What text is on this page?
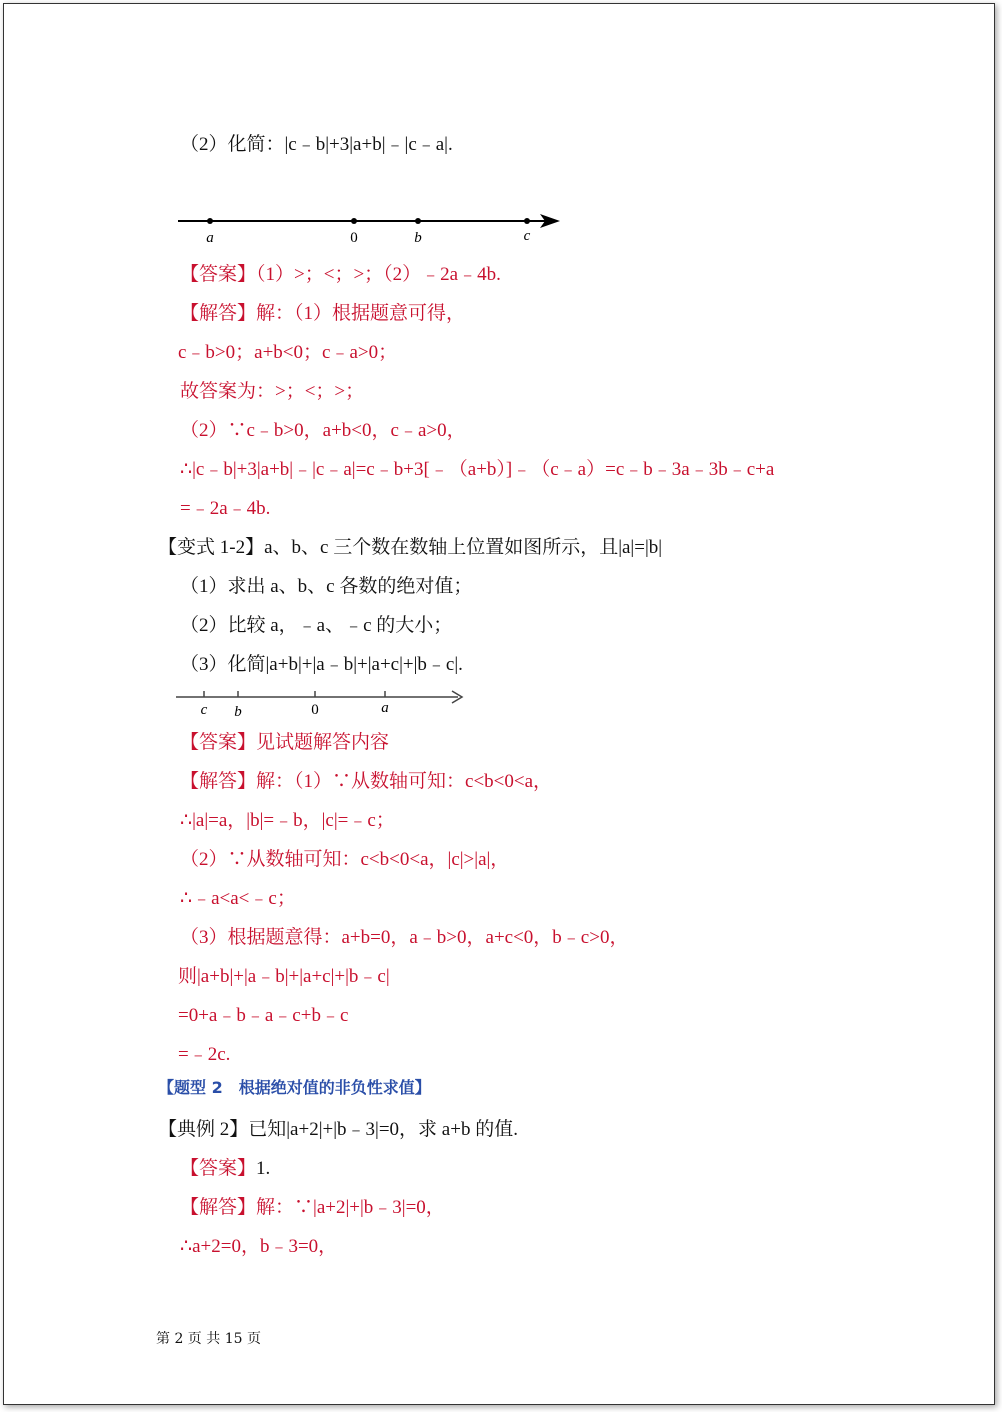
（2）化简：|c﹣b|+3|a+b|﹣|c﹣a|.
a	0	b	c
【答案】（1）>；<；>；（2）﹣2a﹣4b.
【解答】解：（1）根据题意可得，
c﹣b>0；a+b<0；c﹣a>0；
故答案为：>；<；>；
（2）∵c﹣b>0，a+b<0，c﹣a>0，
∴|c﹣b|+3|a+b|﹣|c﹣a|=c﹣b+3[﹣（a+b）]﹣（c﹣a）=c﹣b﹣3a﹣3b﹣c+a
=﹣2a﹣4b.
【变式 1-2】a、b、c 三个数在数轴上位置如图所示，且|a|=|b|
（1）求出 a、b、c 各数的绝对值；
（2）比较 a，﹣a、﹣c 的大小；
（3）化简|a+b|+|a﹣b|+|a+c|+|b﹣c|.
c b	0	a
【答案】见试题解答内容
【解答】解：（1）∵从数轴可知：c<b<0<a，
∴|a|=a，|b|=﹣b，|c|=﹣c；
（2）∵从数轴可知：c<b<0<a，|c|>|a|，
∴﹣a<a<﹣c；
（3）根据题意得：a+b=0，a﹣b>0，a+c<0，b﹣c>0，
则|a+b|+|a﹣b|+|a+c|+|b﹣c|
=0+a﹣b﹣a﹣c+b﹣c
=﹣2c.
【题型 2　根据绝对值的非负性求值】
【典例 2】已知|a+2|+|b﹣3|=0，求 a+b 的值.
【答案】1.
【解答】解：∵|a+2|+|b﹣3|=0，
∴a+2=0，b﹣3=0，
第 2 页 共 15 页
